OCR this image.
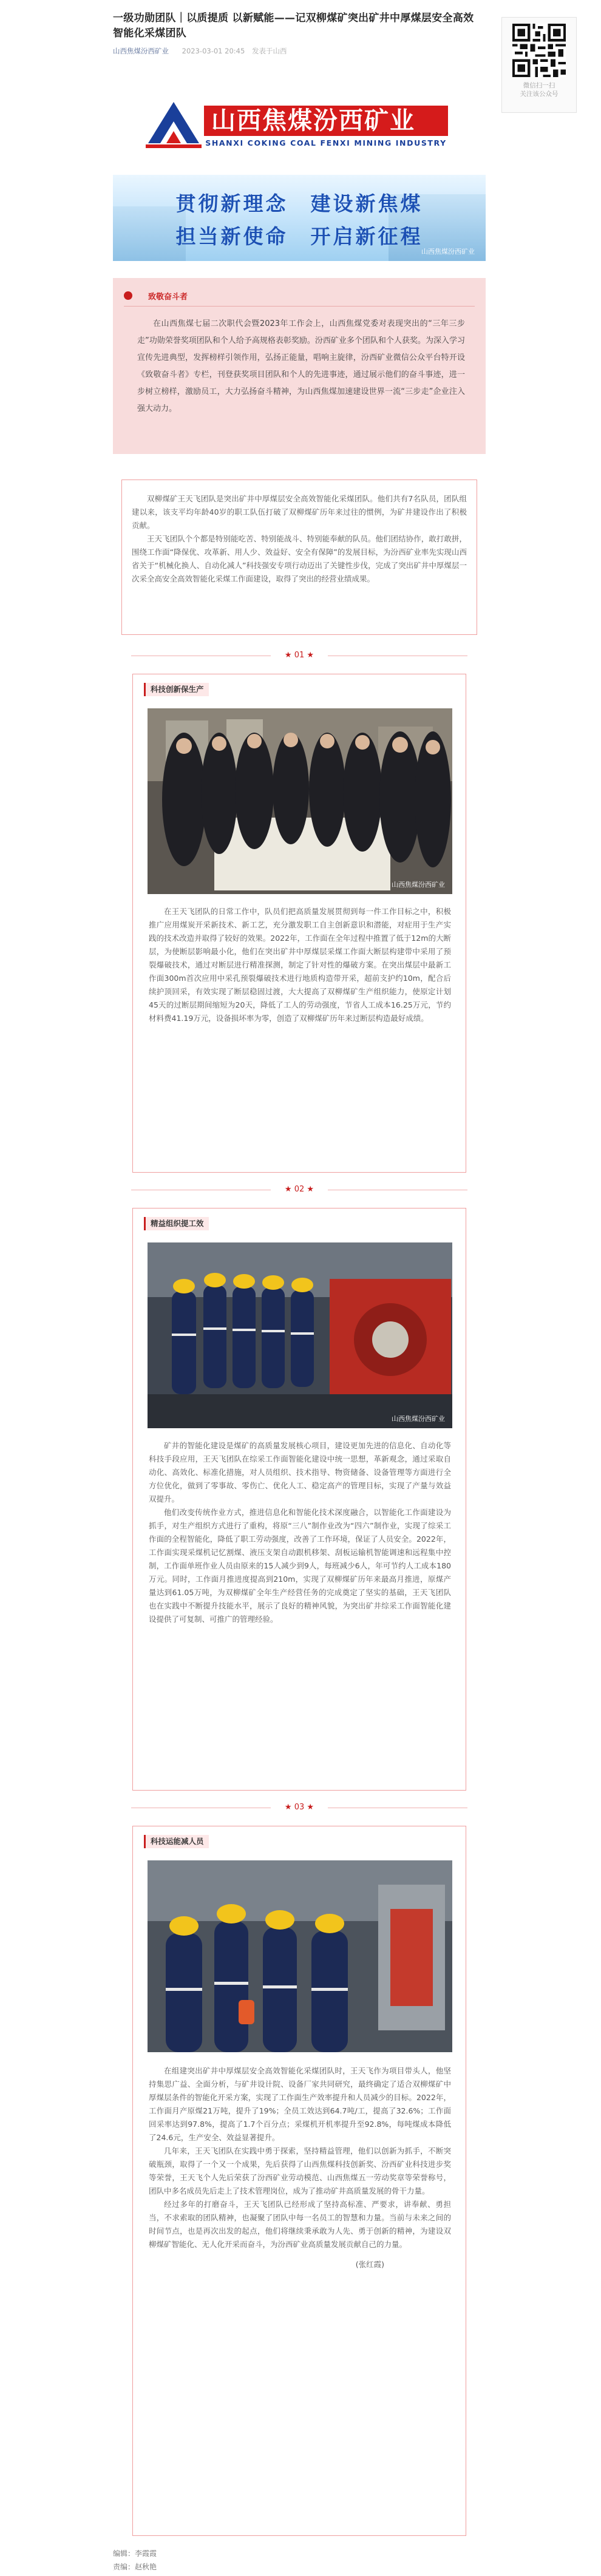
一级功勋团队｜以质提质 以新赋能——记双柳煤矿突出矿井中厚煤层安全高效智能化采煤团队
山西焦煤汾西矿业 2023-03-01 20:45 发表于山西
微信扫一扫
关注该公众号
山西焦煤汾西矿业
SHANXI COKING COAL FENXI MINING INDUSTRY
贯彻新理念　建设新焦煤
担当新使命　开启新征程
山西焦煤汾西矿业
致敬奋斗者

在山西焦煤七届二次职代会暨2023年工作会上，山西焦煤党委对表现突出的“三年三步走”功勋荣誉奖项团队和个人给予高规格表彰奖励。汾西矿业多个团队和个人获奖。为深入学习宣传先进典型，发挥榜样引领作用，弘扬正能量，唱响主旋律，汾西矿业微信公众平台特开设《致敬奋斗者》专栏，刊登获奖项目团队和个人的先进事迹，通过展示他们的奋斗事迹，进一步树立榜样，激励员工，大力弘扬奋斗精神，为山西焦煤加速建设世界一流“三步走”企业注入强大动力。

双柳煤矿王天飞团队是突出矿井中厚煤层安全高效智能化采煤团队。他们共有7名队员，团队组建以来，该支平均年龄40岁的职工队伍打破了双柳煤矿历年来过往的惯例，为矿井建设作出了积极贡献。

王天飞团队个个都是特别能吃苦、特别能战斗、特别能奉献的队员。他们团结协作，敢打敢拼，围绕工作面“降保优、攻革新、用人少、效益好、安全有保障”的发展目标，为汾西矿业率先实现山西省关于“机械化换人、自动化减人”科技强安专项行动迈出了关键性步伐，完成了突出矿井中厚煤层一次采全高安全高效智能化采煤工作面建设，取得了突出的经营业绩成果。

★ 01 ★
科技创新保生产
山西焦煤汾西矿业

在王天飞团队的日常工作中，队员们把高质量发展贯彻到每一件工作目标之中，积极推广应用煤炭开采新技术、新工艺，充分激发职工自主创新意识和潜能，对症用于生产实践的技术改造并取得了较好的效果。2022年，工作面在全年过程中推置了低于12m的大断层，为使断层影响最小化，他们在突出矿井中厚煤层采煤工作面大断层构建带中采用了预裂爆破技术，通过对断层进行精准探测，制定了针对性的爆破方案。在突出煤层中最新工作面300m首次应用中采孔预裂爆破技术进行地质构造带开采，超前支护约10m，配合后续护顶回采，有效实现了断层稳固过渡，大大提高了双柳煤矿生产组织能力，使原定计划45天的过断层期间缩短为20天，降低了工人的劳动强度，节省人工成本16.25万元，节约材料费41.19万元，设备损坏率为零，创造了双柳煤矿历年来过断层构造最好成绩。

★ 02 ★
精益组织提工效
山西焦煤汾西矿业

矿井的智能化建设是煤矿的高质量发展核心项目，建设更加先进的信息化、自动化等科技手段应用，王天飞团队在综采工作面智能化建设中统一思想，革新观念，通过采取自动化、高效化、标准化措施，对人员组织、技术指导、物资储备、设备管理等方面进行全方位优化，做到了零事故、零伤亡、优化人工、稳定高产的管理目标，实现了产量与效益双提升。

他们改变传统作业方式，推进信息化和智能化技术深度融合，以智能化工作面建设为抓手，对生产组织方式进行了重构，将原“三八”制作业改为“四六”制作业，实现了综采工作面的全程智能化，降低了职工劳动强度，改善了工作环境，保证了人员安全。2022年，工作面实现采煤机记忆割煤、液压支架自动跟机移架、刮板运输机智能调速和远程集中控制，工作面单班作业人员由原来的15人减少到9人，每班减少6人，年可节约人工成本180万元。同时，工作面月推进度提高到210m，实现了双柳煤矿历年来最高月推进，原煤产量达到61.05万吨，为双柳煤矿全年生产经营任务的完成奠定了坚实的基础，王天飞团队也在实践中不断提升技能水平，展示了良好的精神风貌，为突出矿井综采工作面智能化建设提供了可复制、可推广的管理经验。

★ 03 ★
科技运能减人员

在组建突出矿井中厚煤层安全高效智能化采煤团队时，王天飞作为项目带头人，他坚持集思广益、全面分析，与矿井设计院、设备厂家共同研究，最终确定了适合双柳煤矿中厚煤层条件的智能化开采方案，实现了工作面生产效率提升和人员减少的目标。2022年，工作面月产原煤21万吨，提升了19%；全员工效达到64.7吨/工，提高了32.6%；工作面回采率达到97.8%，提高了1.7个百分点；采煤机开机率提升至92.8%，每吨煤成本降低了24.6元，生产安全、效益显著提升。

几年来，王天飞团队在实践中勇于探索，坚持精益管理，他们以创新为抓手，不断突破瓶颈，取得了一个又一个成果，先后获得了山西焦煤科技创新奖、汾西矿业科技进步奖等荣誉，王天飞个人先后荣获了汾西矿业劳动模范、山西焦煤五一劳动奖章等荣誉称号，团队中多名成员先后走上了技术管理岗位，成为了推动矿井高质量发展的骨干力量。

经过多年的打磨奋斗，王天飞团队已经形成了坚持高标准、严要求，讲奉献、勇担当，不求索取的团队精神，也凝聚了团队中每一名员工的智慧和力量。当前与未来之间的时间节点，也是再次出发的起点，他们将继续秉承敢为人先、勇于创新的精神，为建设双柳煤矿智能化、无人化开采而奋斗，为汾西矿业高质量发展贡献自己的力量。

(张红霞)
编辑：李霞霞
责编：赵秋艳
